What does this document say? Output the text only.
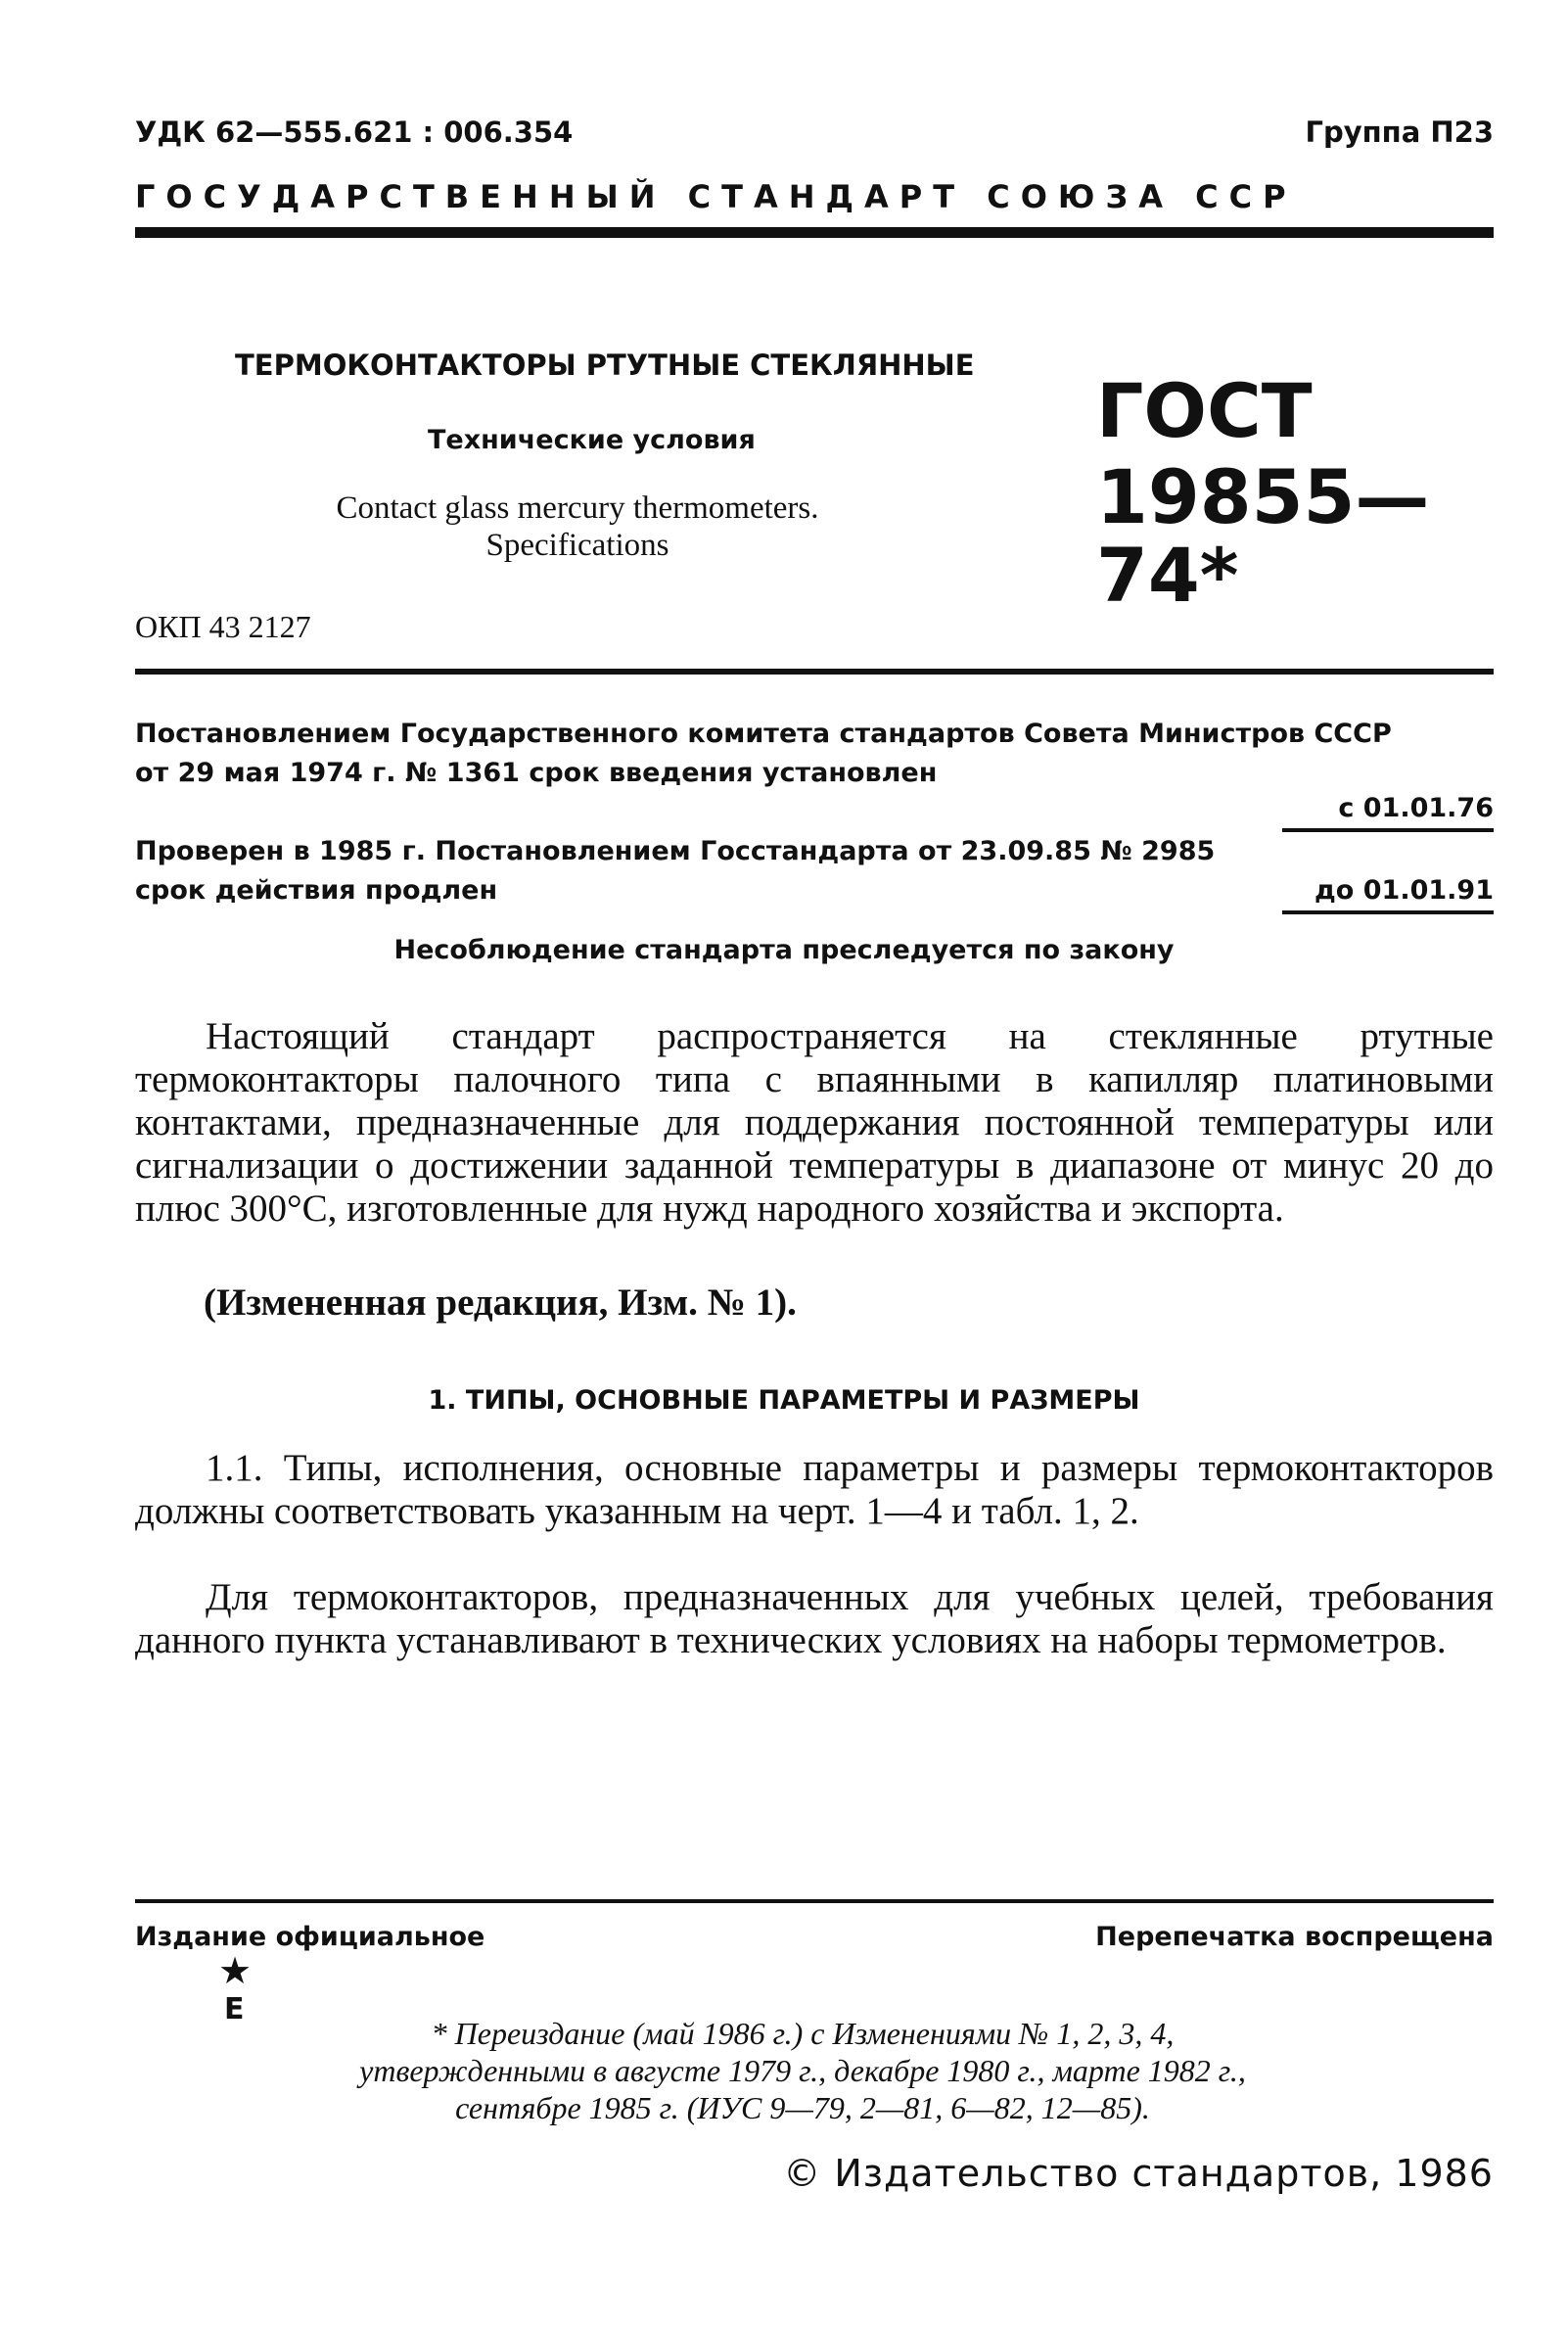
УДК 62—555.621 : 006.354	Группа П23
ГОСУДАРСТВЕННЫЙ СТАНДАРТ СОЮЗА ССР
ТЕРМОКОНТАКТОРЫ РТУТНЫЕ СТЕКЛЯННЫЕ
Технические условия
Contact glass mercury thermometers.
Specifications
ГОСТ
19855—74*
ОКП 43 2127
Постановлением Государственного комитета стандартов Совета Министров СССР
от 29 мая 1974 г. № 1361 срок введения установлен
с 01.01.76
Проверен в 1985 г. Постановлением Госстандарта от 23.09.85 № 2985
срок действия продлен	до 01.01.91
Несоблюдение стандарта преследуется по закону
Настоящий стандарт распространяется на стеклянные ртутные термоконтакторы палочного типа с впаянными в капилляр платиновыми контактами, предназначенные для поддержания постоянной температуры или сигнализации о достижении заданной температуры в диапазоне от минус 20 до плюс 300°С, изготовленные для нужд народного хозяйства и экспорта.
(Измененная редакция, Изм. № 1).
1. ТИПЫ, ОСНОВНЫЕ ПАРАМЕТРЫ И РАЗМЕРЫ
1.1. Типы, исполнения, основные параметры и размеры термоконтакторов должны соответствовать указанным на черт. 1—4 и табл. 1, 2.
Для термоконтакторов, предназначенных для учебных целей, требования данного пункта устанавливают в технических условиях на наборы термометров.
Издание официальное	Перепечатка воспрещена
★
Е
* Переиздание (май 1986 г.) с Изменениями № 1, 2, 3, 4,
утвержденными в августе 1979 г., декабре 1980 г., марте 1982 г.,
сентябре 1985 г. (ИУС 9—79, 2—81, 6—82, 12—85).
© Издательство стандартов, 1986
